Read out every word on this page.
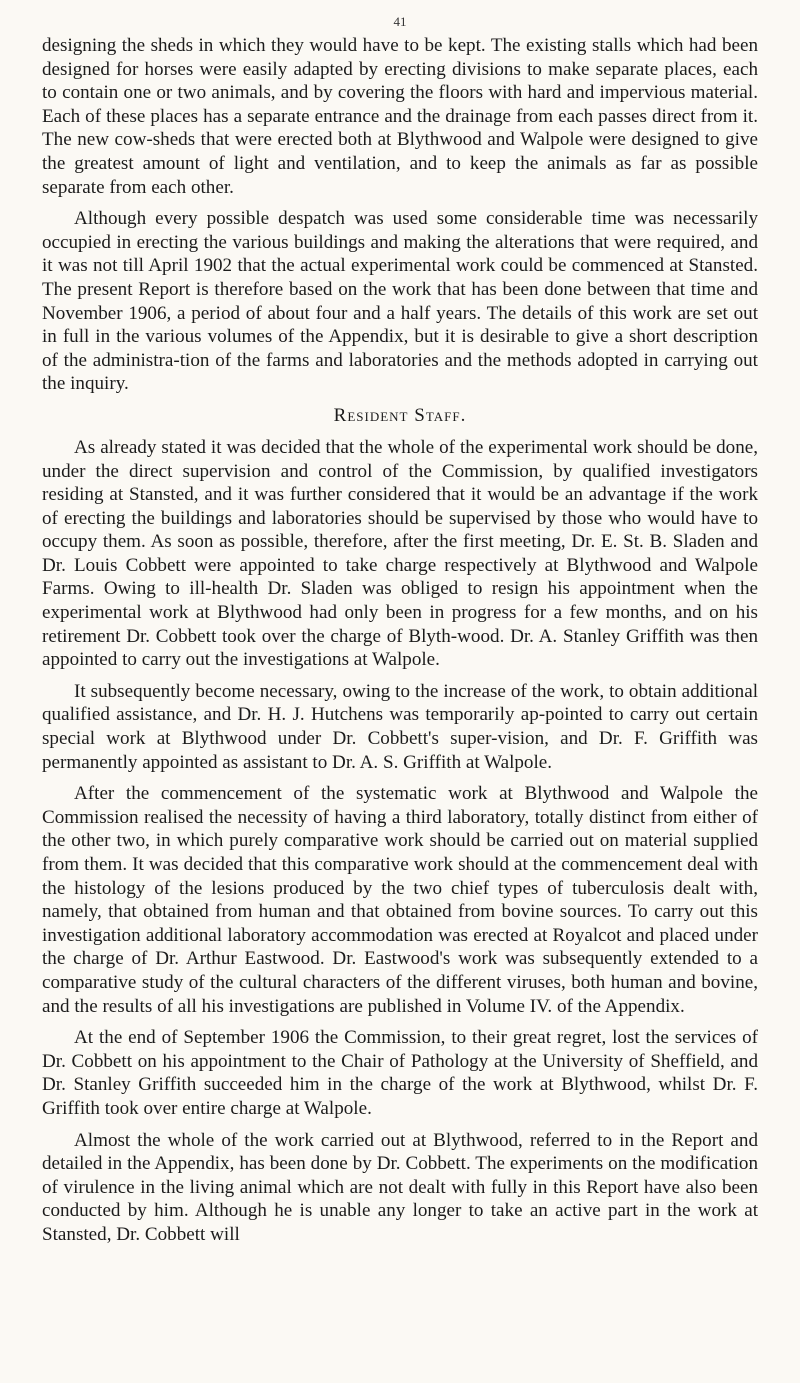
41

designing the sheds in which they would have to be kept. The existing stalls which had been designed for horses were easily adapted by erecting divisions to make separate places, each to contain one or two animals, and by covering the floors with hard and impervious material. Each of these places has a separate entrance and the drainage from each passes direct from it. The new cow-sheds that were erected both at Blythwood and Walpole were designed to give the greatest amount of light and ventilation, and to keep the animals as far as possible separate from each other.

Although every possible despatch was used some considerable time was necessarily occupied in erecting the various buildings and making the alterations that were required, and it was not till April 1902 that the actual experimental work could be commenced at Stansted. The present Report is therefore based on the work that has been done between that time and November 1906, a period of about four and a half years. The details of this work are set out in full in the various volumes of the Appendix, but it is desirable to give a short description of the administra-tion of the farms and laboratories and the methods adopted in carrying out the inquiry.

Resident Staff.

As already stated it was decided that the whole of the experimental work should be done, under the direct supervision and control of the Commission, by qualified investigators residing at Stansted, and it was further considered that it would be an advantage if the work of erecting the buildings and laboratories should be supervised by those who would have to occupy them. As soon as possible, therefore, after the first meeting, Dr. E. St. B. Sladen and Dr. Louis Cobbett were appointed to take charge respectively at Blythwood and Walpole Farms. Owing to ill-health Dr. Sladen was obliged to resign his appointment when the experimental work at Blythwood had only been in progress for a few months, and on his retirement Dr. Cobbett took over the charge of Blyth-wood. Dr. A. Stanley Griffith was then appointed to carry out the investigations at Walpole.

It subsequently become necessary, owing to the increase of the work, to obtain additional qualified assistance, and Dr. H. J. Hutchens was temporarily ap-pointed to carry out certain special work at Blythwood under Dr. Cobbett's super-vision, and Dr. F. Griffith was permanently appointed as assistant to Dr. A. S. Griffith at Walpole.

After the commencement of the systematic work at Blythwood and Walpole the Commission realised the necessity of having a third laboratory, totally distinct from either of the other two, in which purely comparative work should be carried out on material supplied from them. It was decided that this comparative work should at the commencement deal with the histology of the lesions produced by the two chief types of tuberculosis dealt with, namely, that obtained from human and that obtained from bovine sources. To carry out this investigation additional laboratory accommodation was erected at Royalcot and placed under the charge of Dr. Arthur Eastwood. Dr. Eastwood's work was subsequently extended to a comparative study of the cultural characters of the different viruses, both human and bovine, and the results of all his investigations are published in Volume IV. of the Appendix.

At the end of September 1906 the Commission, to their great regret, lost the services of Dr. Cobbett on his appointment to the Chair of Pathology at the University of Sheffield, and Dr. Stanley Griffith succeeded him in the charge of the work at Blythwood, whilst Dr. F. Griffith took over entire charge at Walpole.

Almost the whole of the work carried out at Blythwood, referred to in the Report and detailed in the Appendix, has been done by Dr. Cobbett. The experiments on the modification of virulence in the living animal which are not dealt with fully in this Report have also been conducted by him. Although he is unable any longer to take an active part in the work at Stansted, Dr. Cobbett will
